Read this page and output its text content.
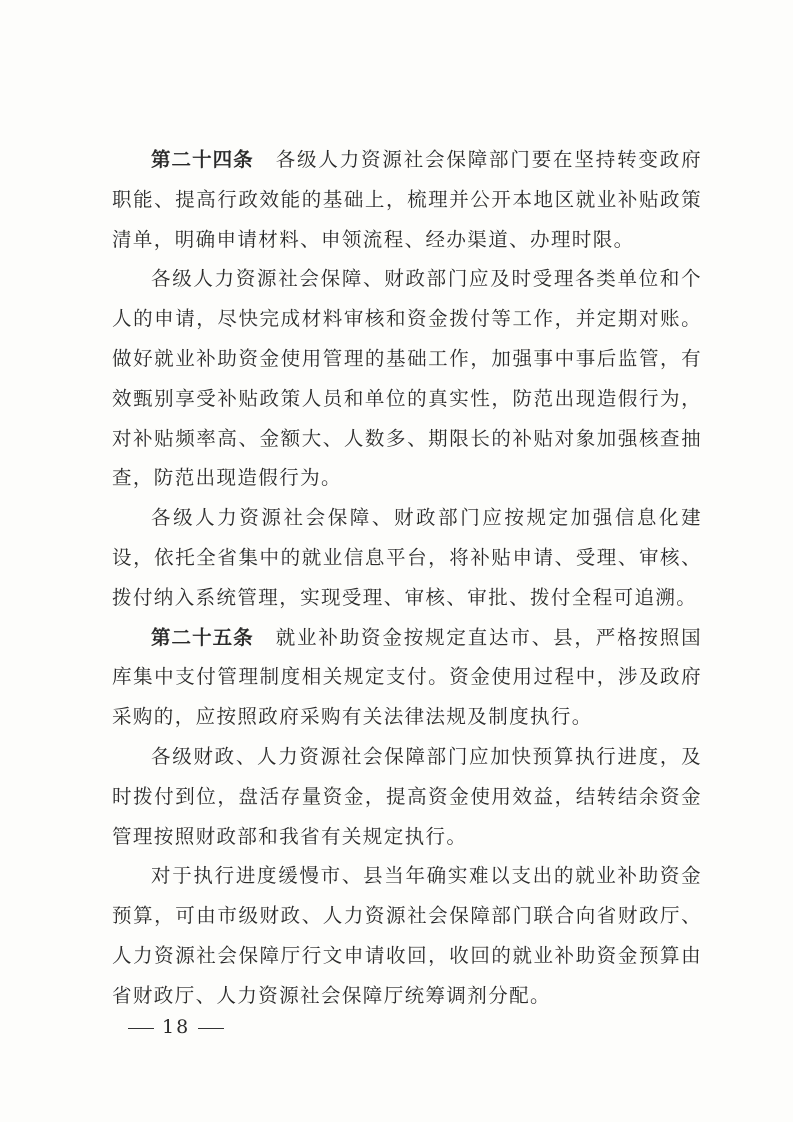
第二十四条 各级人力资源社会保障部门要在坚持转变政府职能、提高行政效能的基础上，梳理并公开本地区就业补贴政策清单，明确申请材料、申领流程、经办渠道、办理时限。

各级人力资源社会保障、财政部门应及时受理各类单位和个人的申请，尽快完成材料审核和资金拨付等工作，并定期对账。做好就业补助资金使用管理的基础工作，加强事中事后监管，有效甄别享受补贴政策人员和单位的真实性，防范出现造假行为，对补贴频率高、金额大、人数多、期限长的补贴对象加强核查抽查，防范出现造假行为。

各级人力资源社会保障、财政部门应按规定加强信息化建设，依托全省集中的就业信息平台，将补贴申请、受理、审核、拨付纳入系统管理，实现受理、审核、审批、拨付全程可追溯。

第二十五条 就业补助资金按规定直达市、县，严格按照国库集中支付管理制度相关规定支付。资金使用过程中，涉及政府采购的，应按照政府采购有关法律法规及制度执行。

各级财政、人力资源社会保障部门应加快预算执行进度，及时拨付到位，盘活存量资金，提高资金使用效益，结转结余资金管理按照财政部和我省有关规定执行。

对于执行进度缓慢市、县当年确实难以支出的就业补助资金预算，可由市级财政、人力资源社会保障部门联合向省财政厅、人力资源社会保障厅行文申请收回，收回的就业补助资金预算由省财政厅、人力资源社会保障厅统筹调剂分配。

18
